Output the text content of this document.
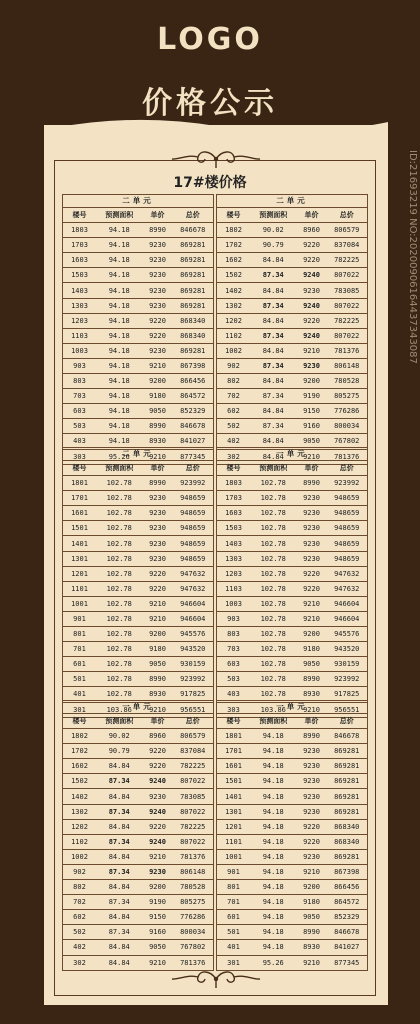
LOGO
价格公示
17#楼价格
二单元
楼号	预测面积	单价	总价
1803	94.18	8990	846678
1703	94.18	9230	869281
1603	94.18	9230	869281
1503	94.18	9230	869281
1403	94.18	9230	869281
1303	94.18	9230	869281
1203	94.18	9220	868340
1103	94.18	9220	868340
1003	94.18	9230	869281
903	94.18	9210	867398
803	94.18	9200	866456
703	94.18	9180	864572
603	94.18	9050	852329
503	94.18	8990	846678
403	94.18	8930	841027
303	95.26	9210	877345
二单元
楼号	预测面积	单价	总价
1802	90.02	8960	806579
1702	90.79	9220	837084
1602	84.84	9220	782225
1502	87.34	9240	807022
1402	84.84	9230	783085
1302	87.34	9240	807022
1202	84.84	9220	782225
1102	87.34	9240	807022
1002	84.84	9210	781376
902	87.34	9230	806148
802	84.84	9200	780528
702	87.34	9190	805275
602	84.84	9150	776286
502	87.34	9160	800034
402	84.84	9050	767802
302	84.84	9210	781376
二单元
楼号	预测面积	单价	总价
1801	102.78	8990	923992
1701	102.78	9230	948659
1601	102.78	9230	948659
1501	102.78	9230	948659
1401	102.78	9230	948659
1301	102.78	9230	948659
1201	102.78	9220	947632
1101	102.78	9220	947632
1001	102.78	9210	946604
901	102.78	9210	946604
801	102.78	9200	945576
701	102.78	9180	943520
601	102.78	9050	930159
501	102.78	8990	923992
401	102.78	8930	917825
301	103.86	9210	956551
一单元
楼号	预测面积	单价	总价
1803	102.78	8990	923992
1703	102.78	9230	948659
1603	102.78	9230	948659
1503	102.78	9230	948659
1403	102.78	9230	948659
1303	102.78	9230	948659
1203	102.78	9220	947632
1103	102.78	9220	947632
1003	102.78	9210	946604
903	102.78	9210	946604
803	102.78	9200	945576
703	102.78	9180	943520
603	102.78	9050	930159
503	102.78	8990	923992
403	102.78	8930	917825
303	103.86	9210	956551
一单元
楼号	预测面积	单价	总价
1802	90.02	8960	806579
1702	90.79	9220	837084
1602	84.84	9220	782225
1502	87.34	9240	807022
1402	84.84	9230	783085
1302	87.34	9240	807022
1202	84.84	9220	782225
1102	87.34	9240	807022
1002	84.84	9210	781376
902	87.34	9230	806148
802	84.84	9200	780528
702	87.34	9190	805275
602	84.84	9150	776286
502	87.34	9160	800034
402	84.84	9050	767802
302	84.84	9210	781376
一单元
楼号	预测面积	单价	总价
1801	94.18	8990	846678
1701	94.18	9230	869281
1601	94.18	9230	869281
1501	94.18	9230	869281
1401	94.18	9230	869281
1301	94.18	9230	869281
1201	94.18	9220	868340
1101	94.18	9220	868340
1001	94.18	9230	869281
901	94.18	9210	867398
801	94.18	9200	866456
701	94.18	9180	864572
601	94.18	9050	852329
501	94.18	8990	846678
401	94.18	8930	841027
301	95.26	9210	877345
ID:21693219 NO:20200906164437343087
